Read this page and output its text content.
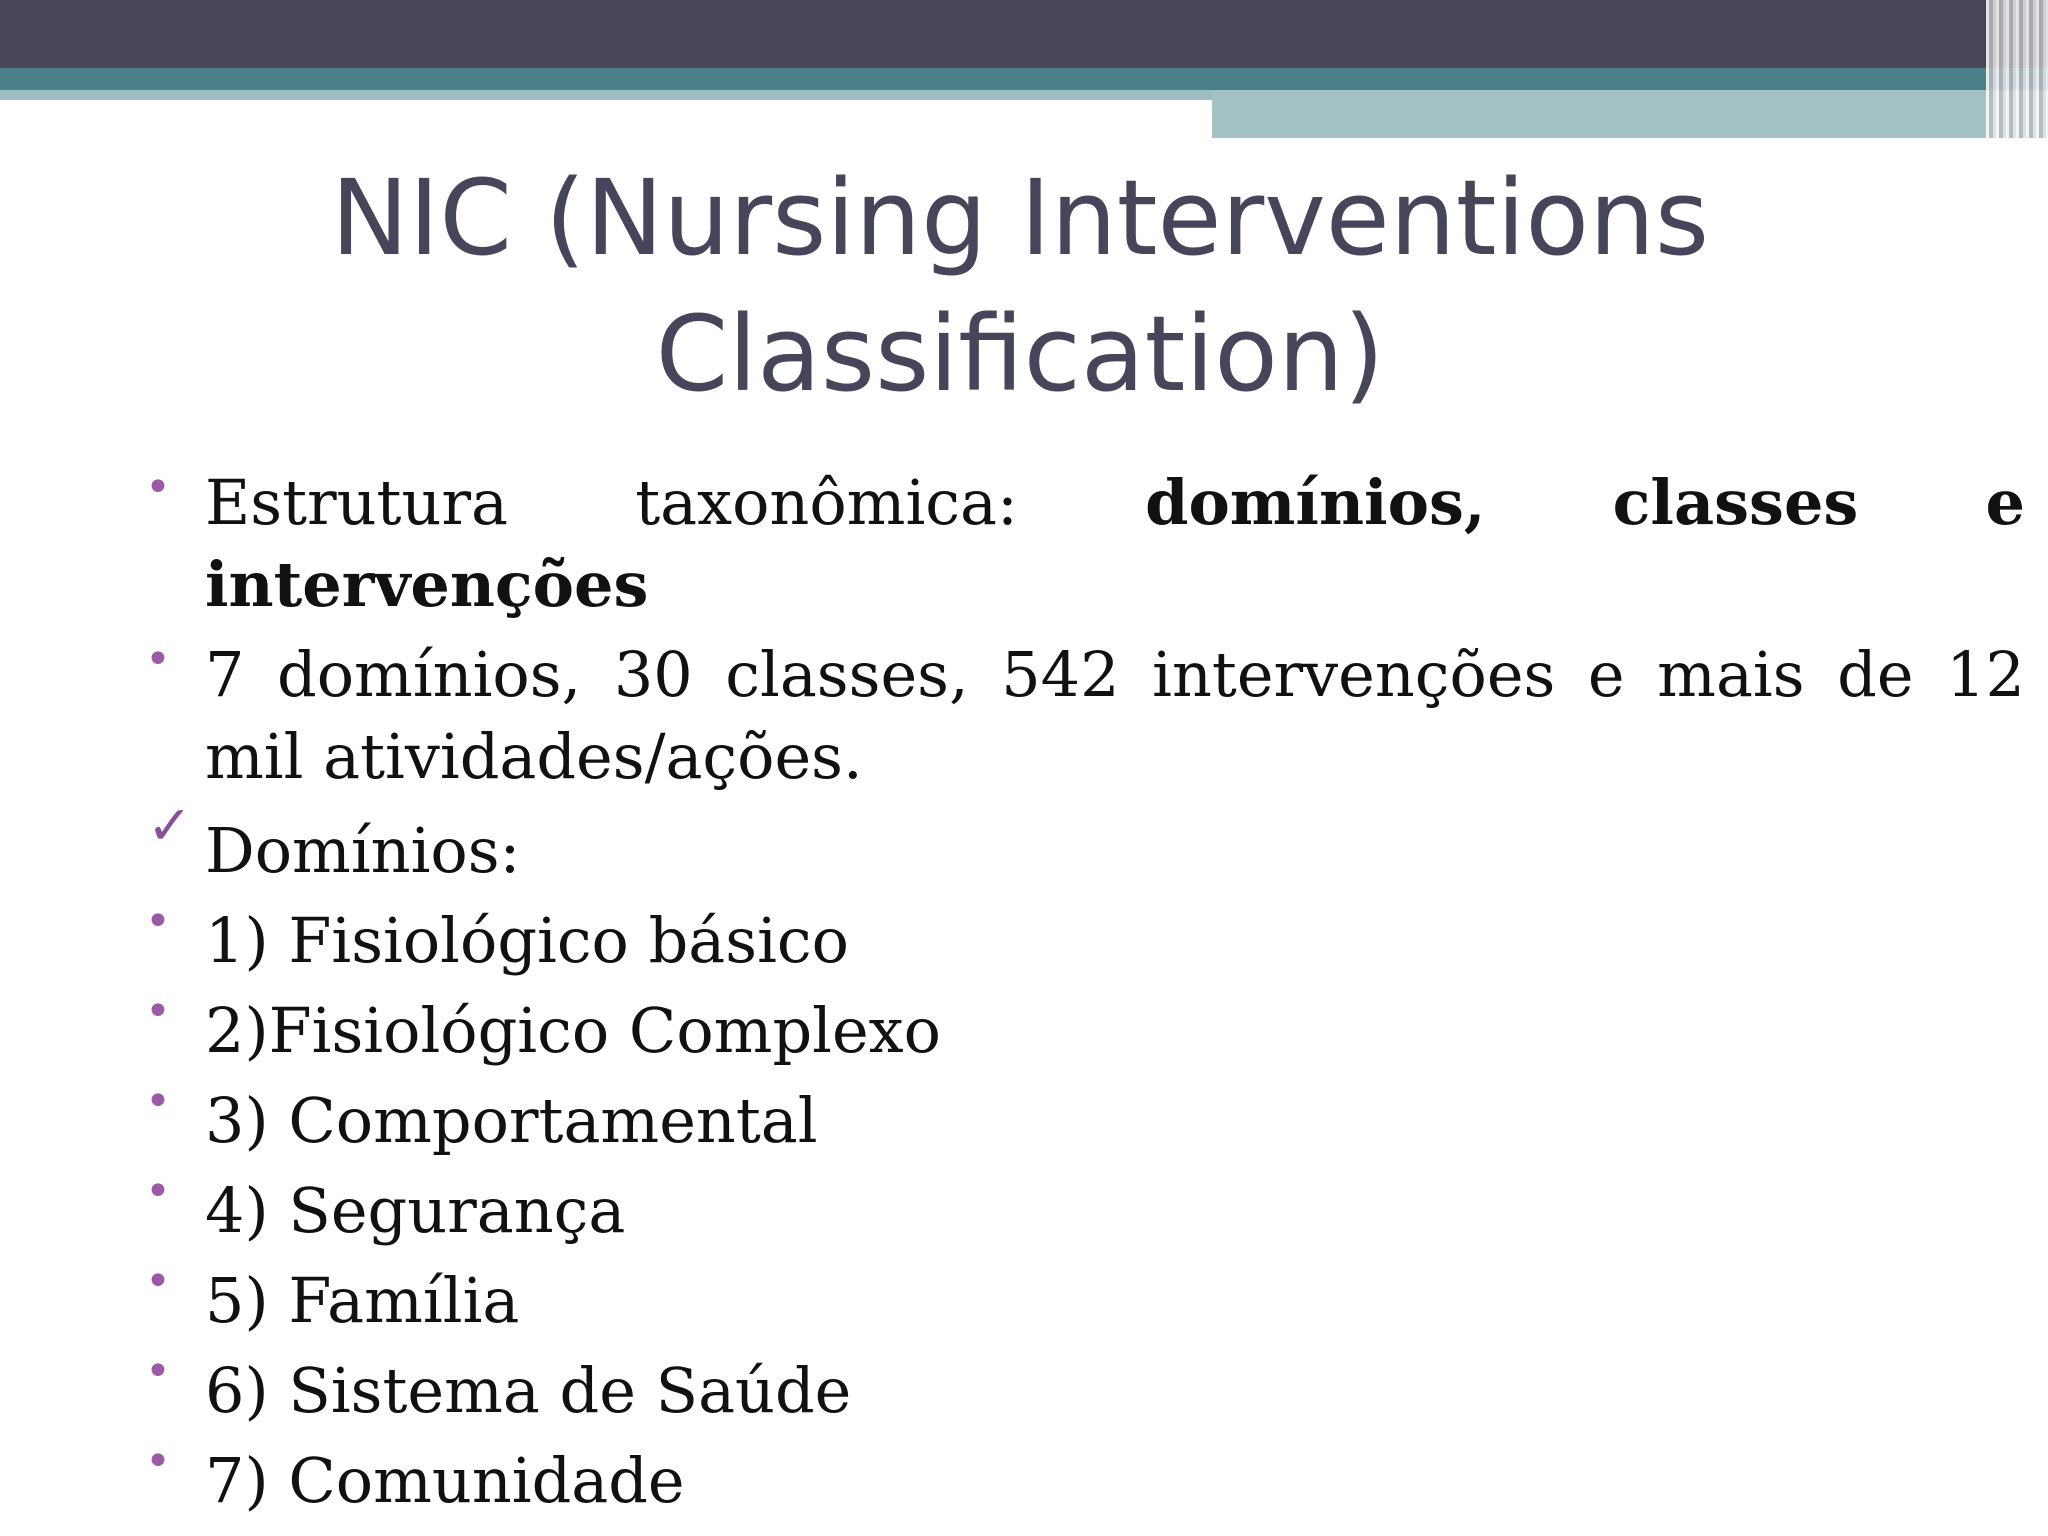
NIC (Nursing Interventions Classification)
• Estrutura taxonômica: domínios, classes e intervenções
• 7 domínios, 30 classes, 542 intervenções e mais de 12 mil atividades/ações.
✓ Domínios:
• 1) Fisiológico básico
• 2)Fisiológico Complexo
• 3) Comportamental
• 4) Segurança
• 5) Família
• 6) Sistema de Saúde
• 7) Comunidade
